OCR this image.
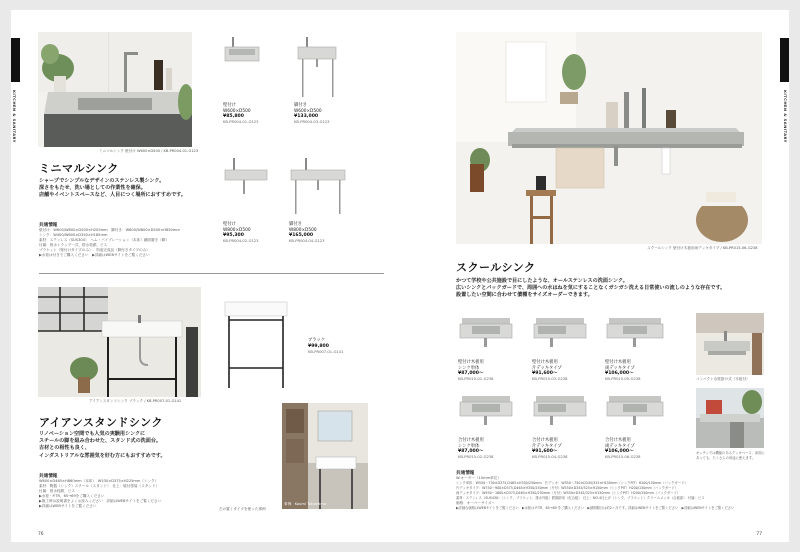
KITCHEN & SANITARY
ミニマルシンク 壁付け W600×D500 / KB-PR004-01-G123
壁付け
W600×D500
¥85,800
KB-PR004-01-G123
脚付き
W600×D500
¥133,000
KB-PR004-03-G123
ミニマルシンク
シャープでシンプルなデザインのステンレス製シンク。
深さをもたせ、洗い場としての作業性を確保。
店舗やイベントスペースなど、人目につく場所におすすめです。
壁付け
W800×D500
¥95,300
KB-PR004-02-G123
脚付き
W800×D500
¥165,000
KB-PR004-04-G123
共通情報
壁付け：W600/W800×D500×H205mm　脚付き：W600/W800×D500×H850mm
シンク：W400/W600×D350×H185mm
素材：ステンレス（SUS304）　ヘム・バイブレーション（本体）鏡面磨き（脚）
付属：排水トラップ一式、排水栓鎖、ビス
ブラケット（壁付けタイプのみ）：別途完成品（脚付きタイプのみ）
▶水栓は付きでご購入ください　▶詳細はWEBサイトをご覧ください
アイアンスタンドシンク ブラック / KB-PR007-01-G141
ブラック
¥99,800
KB-PR007-01-G141
アイアンスタンドシンク
リノベーション空間でも人気の実験用シンクに
スチールの脚を組み合わせた、スタンド式の洗面台。
古材との相性も良く、
インダストリアルな雰囲気を好む方にもおすすめです。
共通情報
W600×D465×H860mm（本体）　W530×D375×H225mm（シンク）
素材：陶器（シンク）スチール（スタンド）　仕上：焼付塗装（スタンド）
付属：排水栓鎖、ビス
▶水栓・P.TR、65→69をご購入ください
▶施工時は説明書をよくお読みください　詳細はWEBサイトをご覧ください
▶詳細はWEBサイトをご覧ください
左の置くタイプを使った事例
事例：Koumi Tokushima
76
KITCHEN & SANITARY
スクールシンク 壁付け木板用両デッキタイプ / KB-PR015-06-G238
スクールシンク
かつて学校や公共施設で目にしたような、オールステンレスの洗面シンク。
広いシンクとバックガードで、周囲への水はねを気にすることなくガシガシ洗える日常使いの流しのような存在です。
設置したい空間に合わせて債種をサイズオーダーできます。
壁付け木板用
シンク単体
¥87,000〜
KB-PR015-01-G238
壁付け木板用
片デッキタイプ
¥91,600〜
KB-PR015-03-G238
壁付け木板用
両デッキタイプ
¥106,000〜
KB-PR015-05-G238
合付け木板用
シンク単体
¥87,000〜
KB-PR015-02-G238
合付け木板用
片デッキタイプ
¥91,600〜
KB-PR015-04-G238
合付け木板用
両デッキタイプ
¥106,000〜
KB-PR015-06-G238
コンパクトな壁掛け式（木板付）
キッチンでは機能のあるデッキベース、床面にあっても、たくさんの用途に使えます。
共通情報
W:オーダー（10mm単位）
シンク単体：W550〜750×D375,D465×H350/250mm　片デッキ：W550〜750×D345/325×H150mm（シンクPIT）H200/150mm（バックガード）
片デッキタイプ：W750〜900×D375,D465×H350/250mm（片付）W550×D345/325×H150mm（シンクPIT）H200/150mm（バックガード）
両デッキタイプ：W930〜1800×D375,D465×H350/250mm（片付）W550×D345/325×H150mm（シンクPIT）H200/150mm（バックガード）
素材：ステンレス（SUS430）（シンク、ブラケット、排水外組）鉄鋼部用（化合板）　仕上：NO.4仕上げ（シンク、ブラケット）クリームメッキ（合板部）　付属：ビス
価格：オーバーサイズ〜
▶詳細な価格はWEBサイトをご覧ください　▶水栓は P.TR、65→69 をご購入ください　▶納期期日は約2ヶ月です。詳細はWEBサイトをご覧ください　▶詳細はWEBサイトをご覧ください
77
